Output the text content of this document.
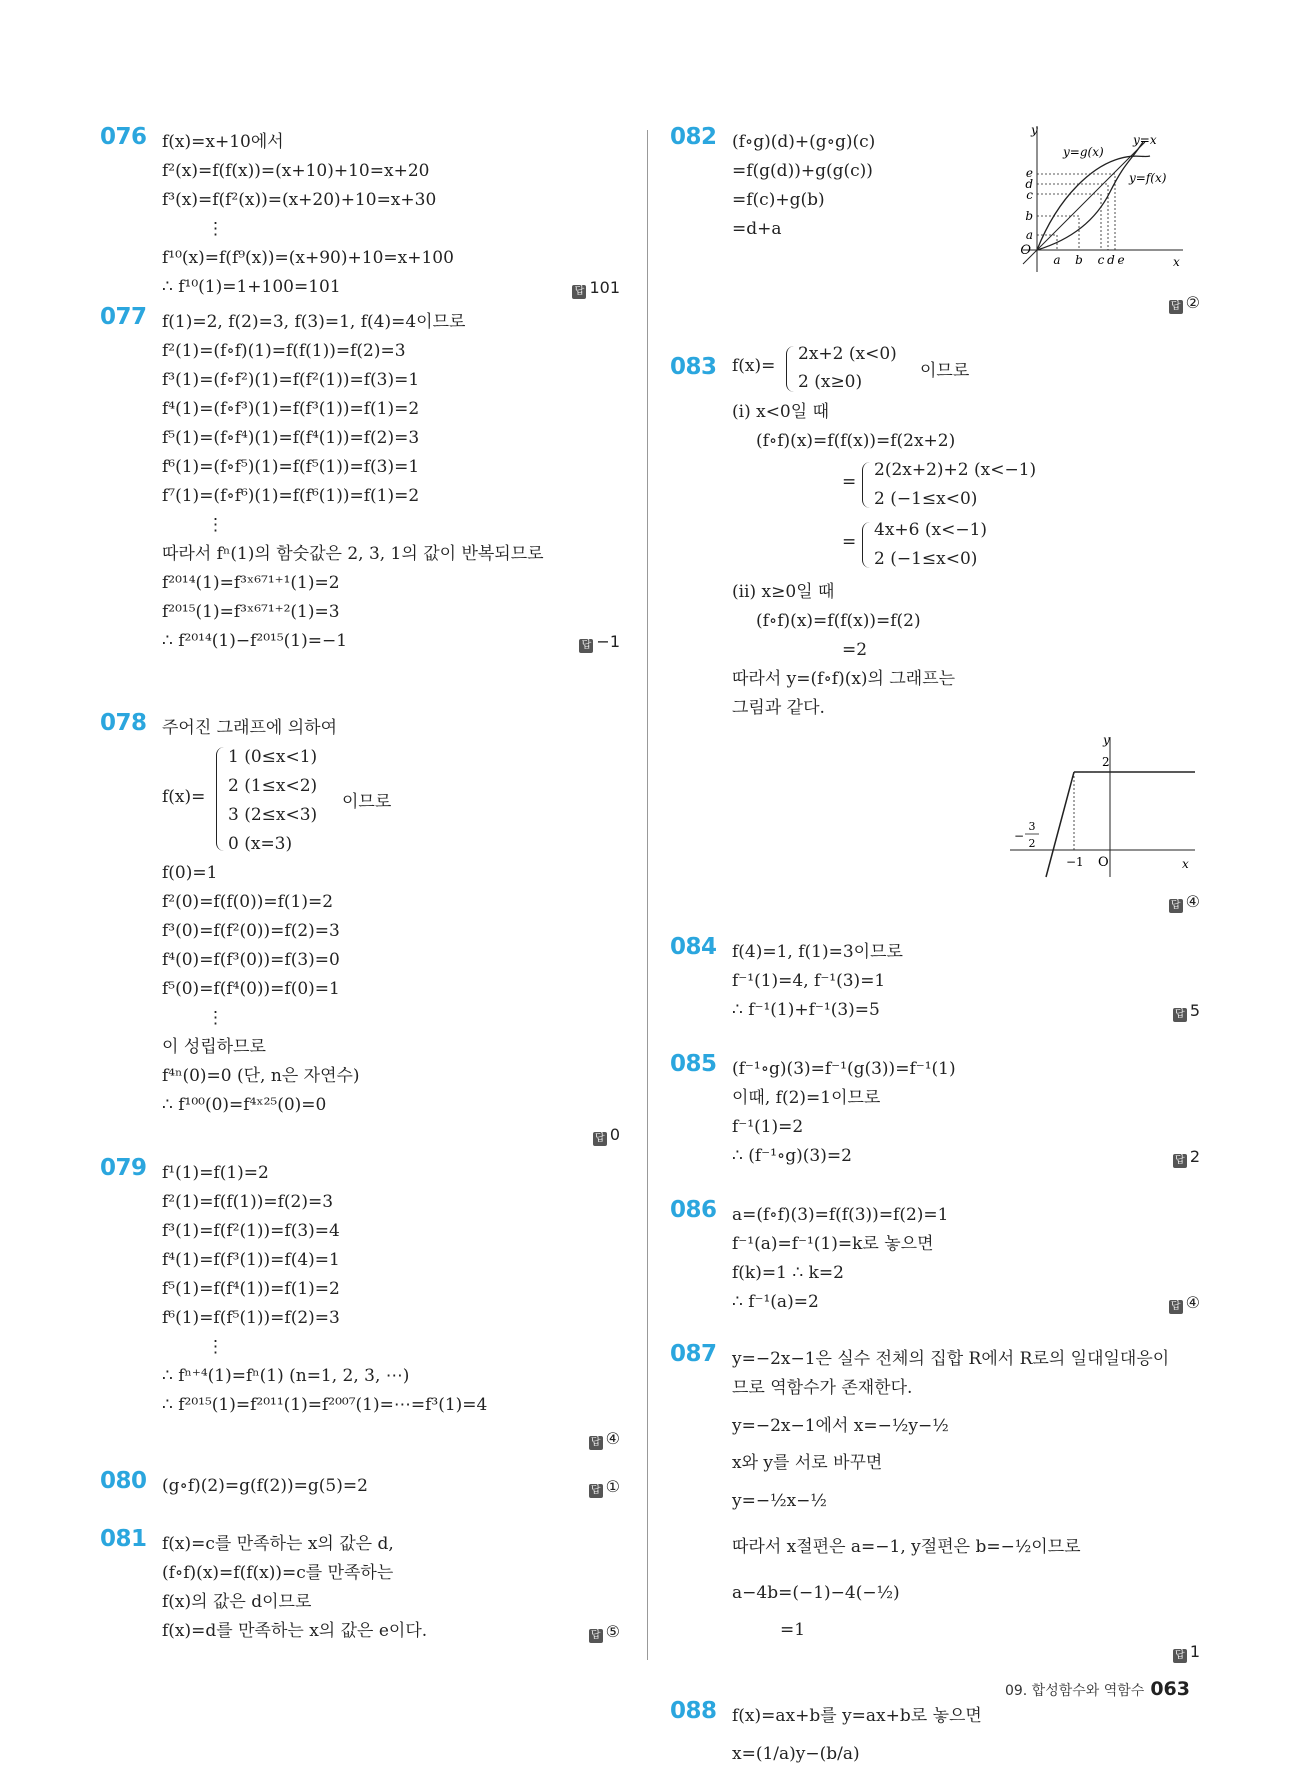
076 f(x)=x+10에서
f²(x)=f(f(x))=(x+10)+10=x+20
f³(x)=f(f²(x))=(x+20)+10=x+30
⋮
f¹⁰(x)=f(f⁹(x))=(x+90)+10=x+100
∴ f¹⁰(1)=1+100=101	답 101
077 f(1)=2, f(2)=3, f(3)=1, f(4)=4이므로
f²(1)=(f∘f)(1)=f(f(1))=f(2)=3
f³(1)=(f∘f²)(1)=f(f²(1))=f(3)=1
f⁴(1)=(f∘f³)(1)=f(f³(1))=f(1)=2
f⁵(1)=(f∘f⁴)(1)=f(f⁴(1))=f(2)=3
f⁶(1)=(f∘f⁵)(1)=f(f⁵(1))=f(3)=1
f⁷(1)=(f∘f⁶)(1)=f(f⁶(1))=f(1)=2
⋮
따라서 fⁿ(1)의 함숫값은 2, 3, 1의 값이 반복되므로
f²⁰¹⁴(1)=f³ˣ⁶⁷¹⁺¹(1)=2
f²⁰¹⁵(1)=f³ˣ⁶⁷¹⁺²(1)=3
∴ f²⁰¹⁴(1)−f²⁰¹⁵(1)=−1	답 −1
078 주어진 그래프에 의하여
f(x)=
1 (0≤x<1)
2 (1≤x<2)
3 (2≤x<3)
0 (x=3)
이므로
f(0)=1
f²(0)=f(f(0))=f(1)=2
f³(0)=f(f²(0))=f(2)=3
f⁴(0)=f(f³(0))=f(3)=0
f⁵(0)=f(f⁴(0))=f(0)=1
⋮
이 성립하므로
f⁴ⁿ(0)=0 (단, n은 자연수)
∴ f¹⁰⁰(0)=f⁴ˣ²⁵(0)=0
답 0
079 f¹(1)=f(1)=2
f²(1)=f(f(1))=f(2)=3
f³(1)=f(f²(1))=f(3)=4
f⁴(1)=f(f³(1))=f(4)=1
f⁵(1)=f(f⁴(1))=f(1)=2
f⁶(1)=f(f⁵(1))=f(2)=3
⋮
∴ fⁿ⁺⁴(1)=fⁿ(1) (n=1, 2, 3, ⋯)
∴ f²⁰¹⁵(1)=f²⁰¹¹(1)=f²⁰⁰⁷(1)=⋯=f³(1)=4
답 ④
080 (g∘f)(2)=g(f(2))=g(5)=2	답 ①
081 f(x)=c를 만족하는 x의 값은 d,
(f∘f)(x)=f(f(x))=c를 만족하는
f(x)의 값은 d이므로
f(x)=d를 만족하는 x의 값은 e이다.	답 ⑤
082 (f∘g)(d)+(g∘g)(c)
=f(g(d))+g(g(c))
=f(c)+g(b)
=d+a
O
y
x
a b c d e
e
d
c
b
a
y=g(x)
y=x
y=f(x)
답 ②
083 f(x)=
2x+2 (x<0)
2 (x≥0)
이므로
(ⅰ) x<0일 때
(f∘f)(x)=f(f(x))=f(2x+2)
=
2(2x+2)+2 (x<−1)
2 (−1≤x<0)
=
4x+6 (x<−1)
2 (−1≤x<0)
(ⅱ) x≥0일 때
(f∘f)(x)=f(f(x))=f(2)
=2
따라서 y=(f∘f)(x)의 그래프는
그림과 같다.
y
x
O
2
−1
−
3
2
답 ④
084 f(4)=1, f(1)=3이므로
f⁻¹(1)=4, f⁻¹(3)=1
∴ f⁻¹(1)+f⁻¹(3)=5	답 5
085 (f⁻¹∘g)(3)=f⁻¹(g(3))=f⁻¹(1)
이때, f(2)=1이므로
f⁻¹(1)=2
∴ (f⁻¹∘g)(3)=2	답 2
086 a=(f∘f)(3)=f(f(3))=f(2)=1
f⁻¹(a)=f⁻¹(1)=k로 놓으면
f(k)=1 ∴ k=2
∴ f⁻¹(a)=2	답 ④
087 y=−2x−1은 실수 전체의 집합 R에서 R로의 일대일대응이
므로 역함수가 존재한다.
y=−2x−1에서 x=−½y−½
x와 y를 서로 바꾸면
y=−½x−½
따라서 x절편은 a=−1, y절편은 b=−½이므로
a−4b=(−1)−4(−½)
=1
답 1
088 f(x)=ax+b를 y=ax+b로 놓으면
x=(1/a)y−(b/a)
09. 합성함수와 역함수 063
